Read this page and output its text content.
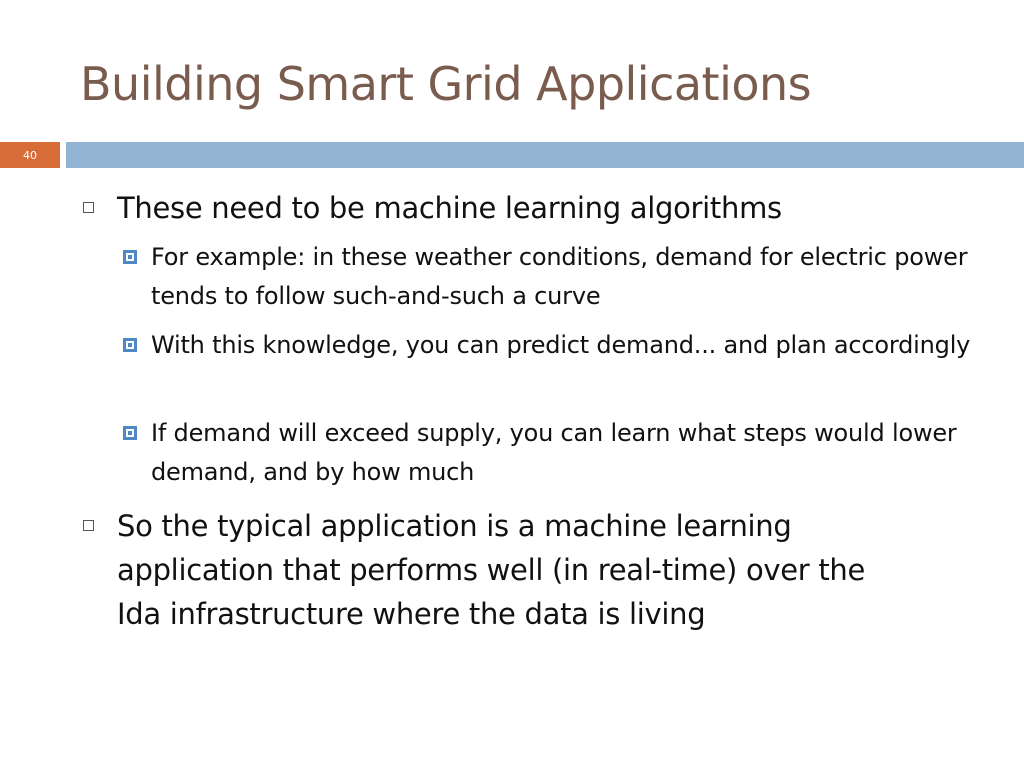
Building Smart Grid Applications
40
These need to be machine learning algorithms
For example: in these weather conditions, demand for electric power tends to follow such-and-such a curve
With this knowledge, you can predict demand... and plan accordingly
If demand will exceed supply, you can learn what steps would lower demand, and by how much
So the typical application is a machine learning application that performs well (in real-time) over the Ida infrastructure where the data is living
